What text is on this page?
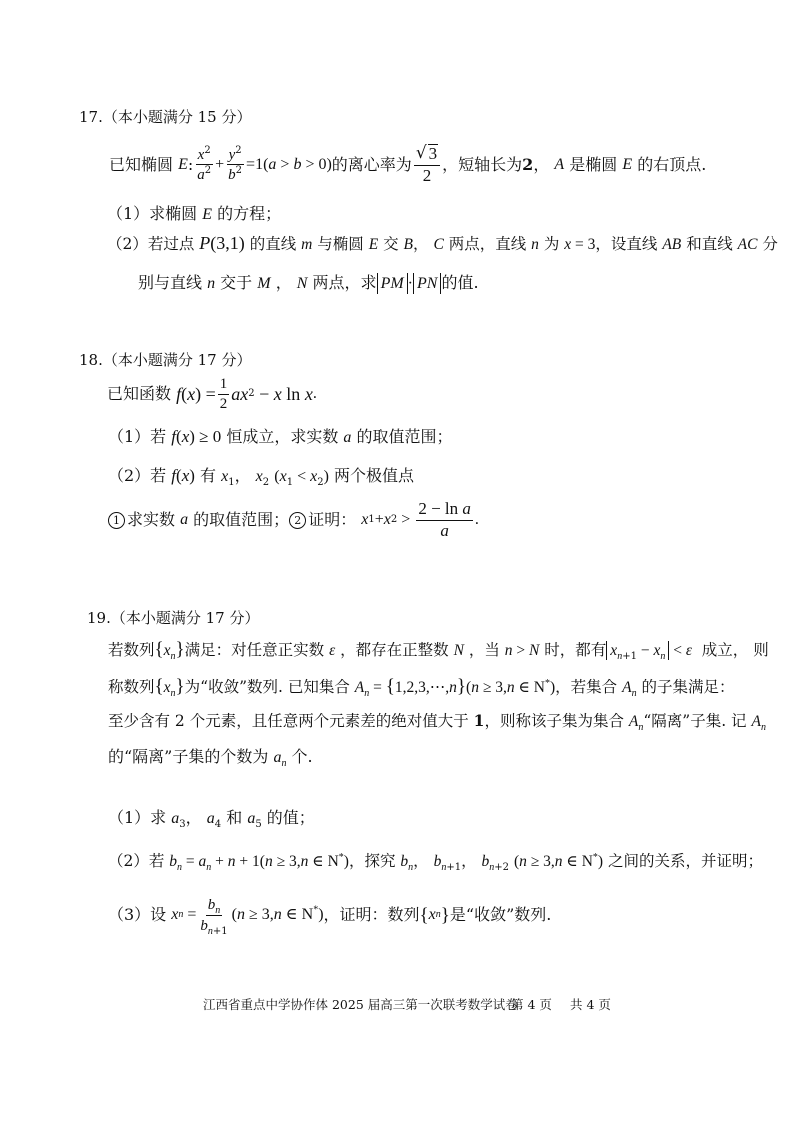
17.（本小题满分 15 分）
已知椭圆 E : $\frac{x^2}{a^2} + \frac{y^2}{b^2} =1$( a > b > 0) 的离心率为 $\frac{√ 3}{2}$ ，短轴长为 2 ， A 是椭圆 E 的右顶点.
（1）求椭圆 E 的方程；
（2）若过点 P(3,1) 的直线 m 与椭圆 E 交 B， C 两点，直线 n 为 x = 3，设直线 AB 和直线 AC 分
别与直线 n 交于 M ， N 两点，求 PM · PN 的值.
18.（本小题满分 17 分）
已知函数 f ( x ) = $\frac{1}{2}$ ax 2 − x ln x .
（1）若 f(x) ≥ 0 恒成立，求实数 a 的取值范围；
（2）若 f(x) 有 $x_1$， $x_2$ $(x_1 < x_2)$ 两个极值点
1 求实数 a 的取值范围； 2 证明： x 1 + x $2 > \frac{\text{2 − ln a}}{a}$ .
19.（本小题满分 17 分）
若数列$\{x_n\}$满足：对任意正实数 ε ，都存在正整数 N ，当 n > N 时，都有 $x_{n+1} - x_n < \varepsilon$  成立， 则
称数列$\{x_n\}$为“收敛”数列. 已知集合 $A_n$ = {1,2,3,⋯,n}(n ≥ 3,n ∈ N*)，若集合 $A_n$ 的子集满足：
至少含有 2 个元素，且任意两个元素差的绝对值大于 1，则称该子集为集合 $A_n“$隔离”子集. 记 $A_n$
的“隔离”子集的个数为 $a_n$ 个.
（1）求 $a_3$， $a_4$ 和 $a_5$ 的值；
（2）若 $b_n = a_n + n + 1(n \ge 3,n$ ∈ N*)，探究 $b_n$， $b_{n+1}$， $b_{n+2}$ (n ≥ 3,n ∈ N*) 之间的关系，并证明；
（3）设 x $n = \frac{b_n}{b_{n+1}}$ ( n ≥ 3, n ∈ N*) ，证明：数列 { x n } 是“收敛”数列.
江西省重点中学协作体 2025 届高三第一次联考数学试卷
第 4 页 共 4 页
